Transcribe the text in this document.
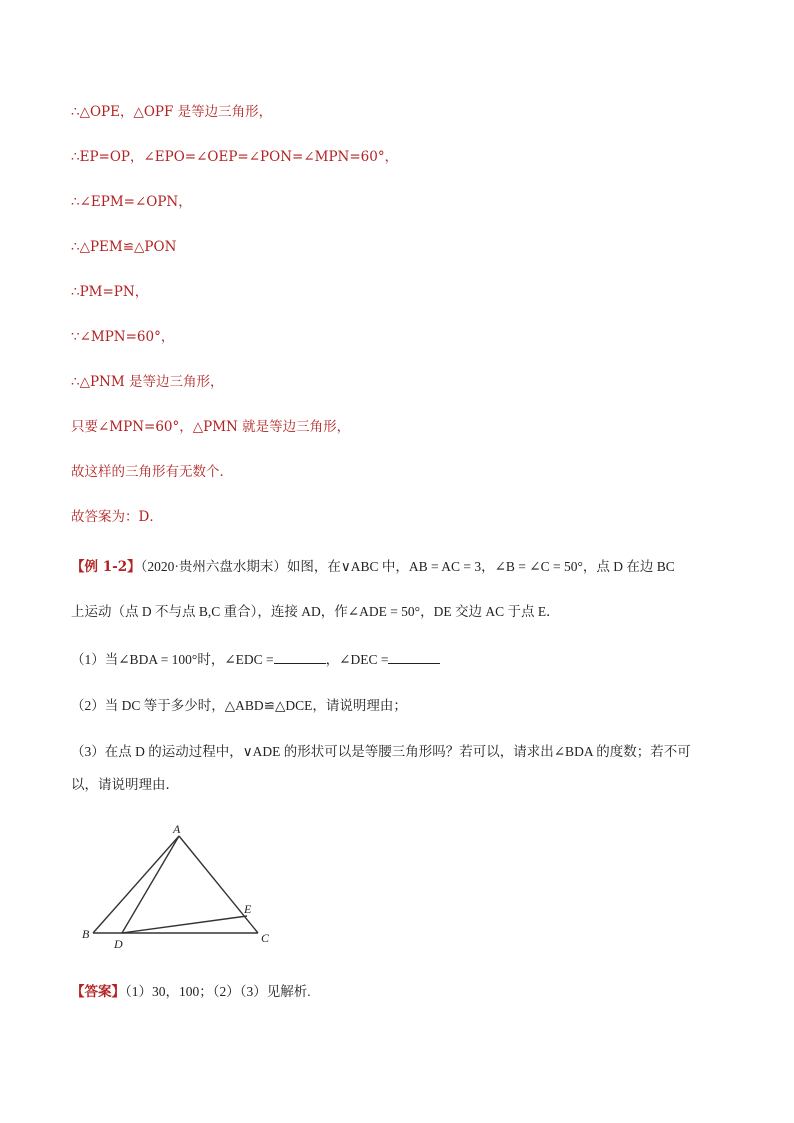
∴△OPE，△OPF 是等边三角形，
∴EP=OP，∠EPO=∠OEP=∠PON=∠MPN=60°，
∴∠EPM=∠OPN，
∴△PEM≌△PON
∴PM=PN，
∵∠MPN=60°，
∴△PNM 是等边三角形，
只要∠MPN=60°，△PMN 就是等边三角形，
故这样的三角形有无数个．
故答案为：D．
【例 1-2】（2020·贵州六盘水期末）如图，在∨ABC 中，AB = AC = 3，∠B = ∠C = 50°，点 D 在边 BC
上运动（点 D 不与点 B,C 重合），连接 AD，作∠ADE = 50°，DE 交边 AC 于点 E．
（1）当∠BDA = 100°时，∠EDC =	，∠DEC =
（2）当 DC 等于多少时，△ABD≌△DCE，请说明理由；
（3）在点 D 的运动过程中，∨ADE 的形状可以是等腰三角形吗？若可以，请求出∠BDA 的度数；若不可
以，请说明理由．
A
B	C
D
E
【答案】（1）30，100；（2）（3）见解析.
